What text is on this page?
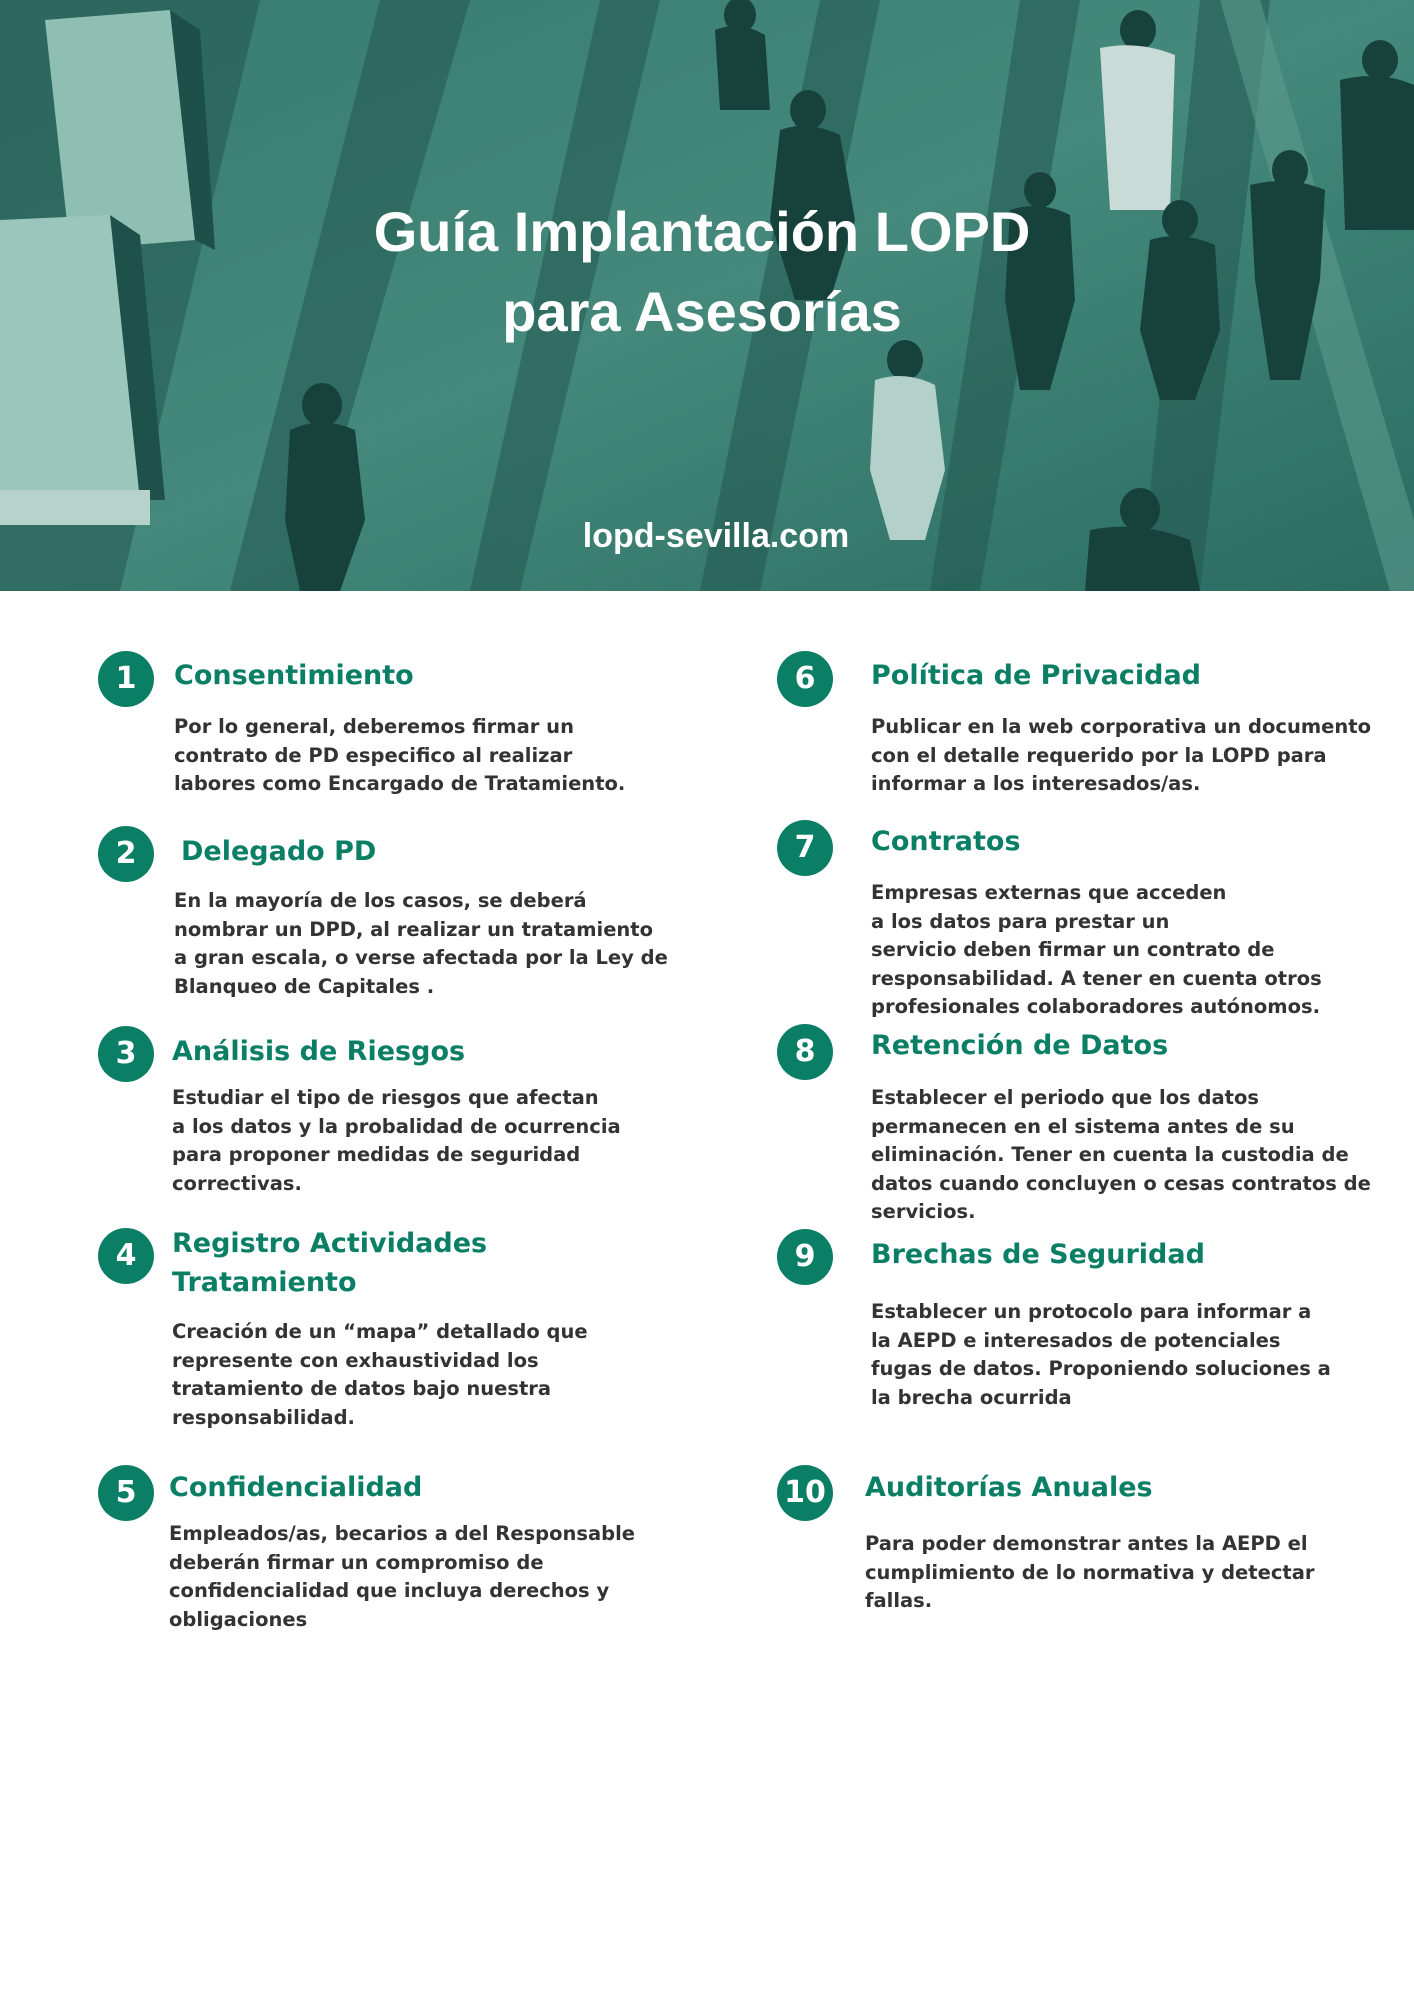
Guía Implantación LOPD
para Asesorías
lopd-sevilla.com
1	Consentimiento
Por lo general, deberemos firmar un
contrato de PD especifico al realizar
labores como Encargado de Tratamiento.
2	Delegado PD
En la mayoría de los casos, se deberá
nombrar un DPD, al realizar un tratamiento
a gran escala, o verse afectada por la Ley de
Blanqueo de Capitales .
3	Análisis de Riesgos
Estudiar el tipo de riesgos que afectan
a los datos y la probalidad de ocurrencia
para proponer medidas de seguridad
correctivas.
4	Registro Actividades
Tratamiento
Creación de un “mapa” detallado que
represente con exhaustividad los
tratamiento de datos bajo nuestra
responsabilidad.
5	Confidencialidad
Empleados/as, becarios a del Responsable
deberán firmar un compromiso de
confidencialidad que incluya derechos y
obligaciones
6	Política de Privacidad
Publicar en la web corporativa un documento
con el detalle requerido por la LOPD para
informar a los interesados/as.
7	Contratos
Empresas externas que acceden
a los datos para prestar un
servicio deben firmar un contrato de
responsabilidad. A tener en cuenta otros
profesionales colaboradores autónomos.
8	Retención de Datos
Establecer el periodo que los datos
permanecen en el sistema antes de su
eliminación. Tener en cuenta la custodia de
datos cuando concluyen o cesas contratos de
servicios.
9	Brechas de Seguridad
Establecer un protocolo para informar a
la AEPD e interesados de potenciales
fugas de datos. Proponiendo soluciones a
la brecha ocurrida
10 Auditorías Anuales
Para poder demonstrar antes la AEPD el
cumplimiento de lo normativa y detectar
fallas.
